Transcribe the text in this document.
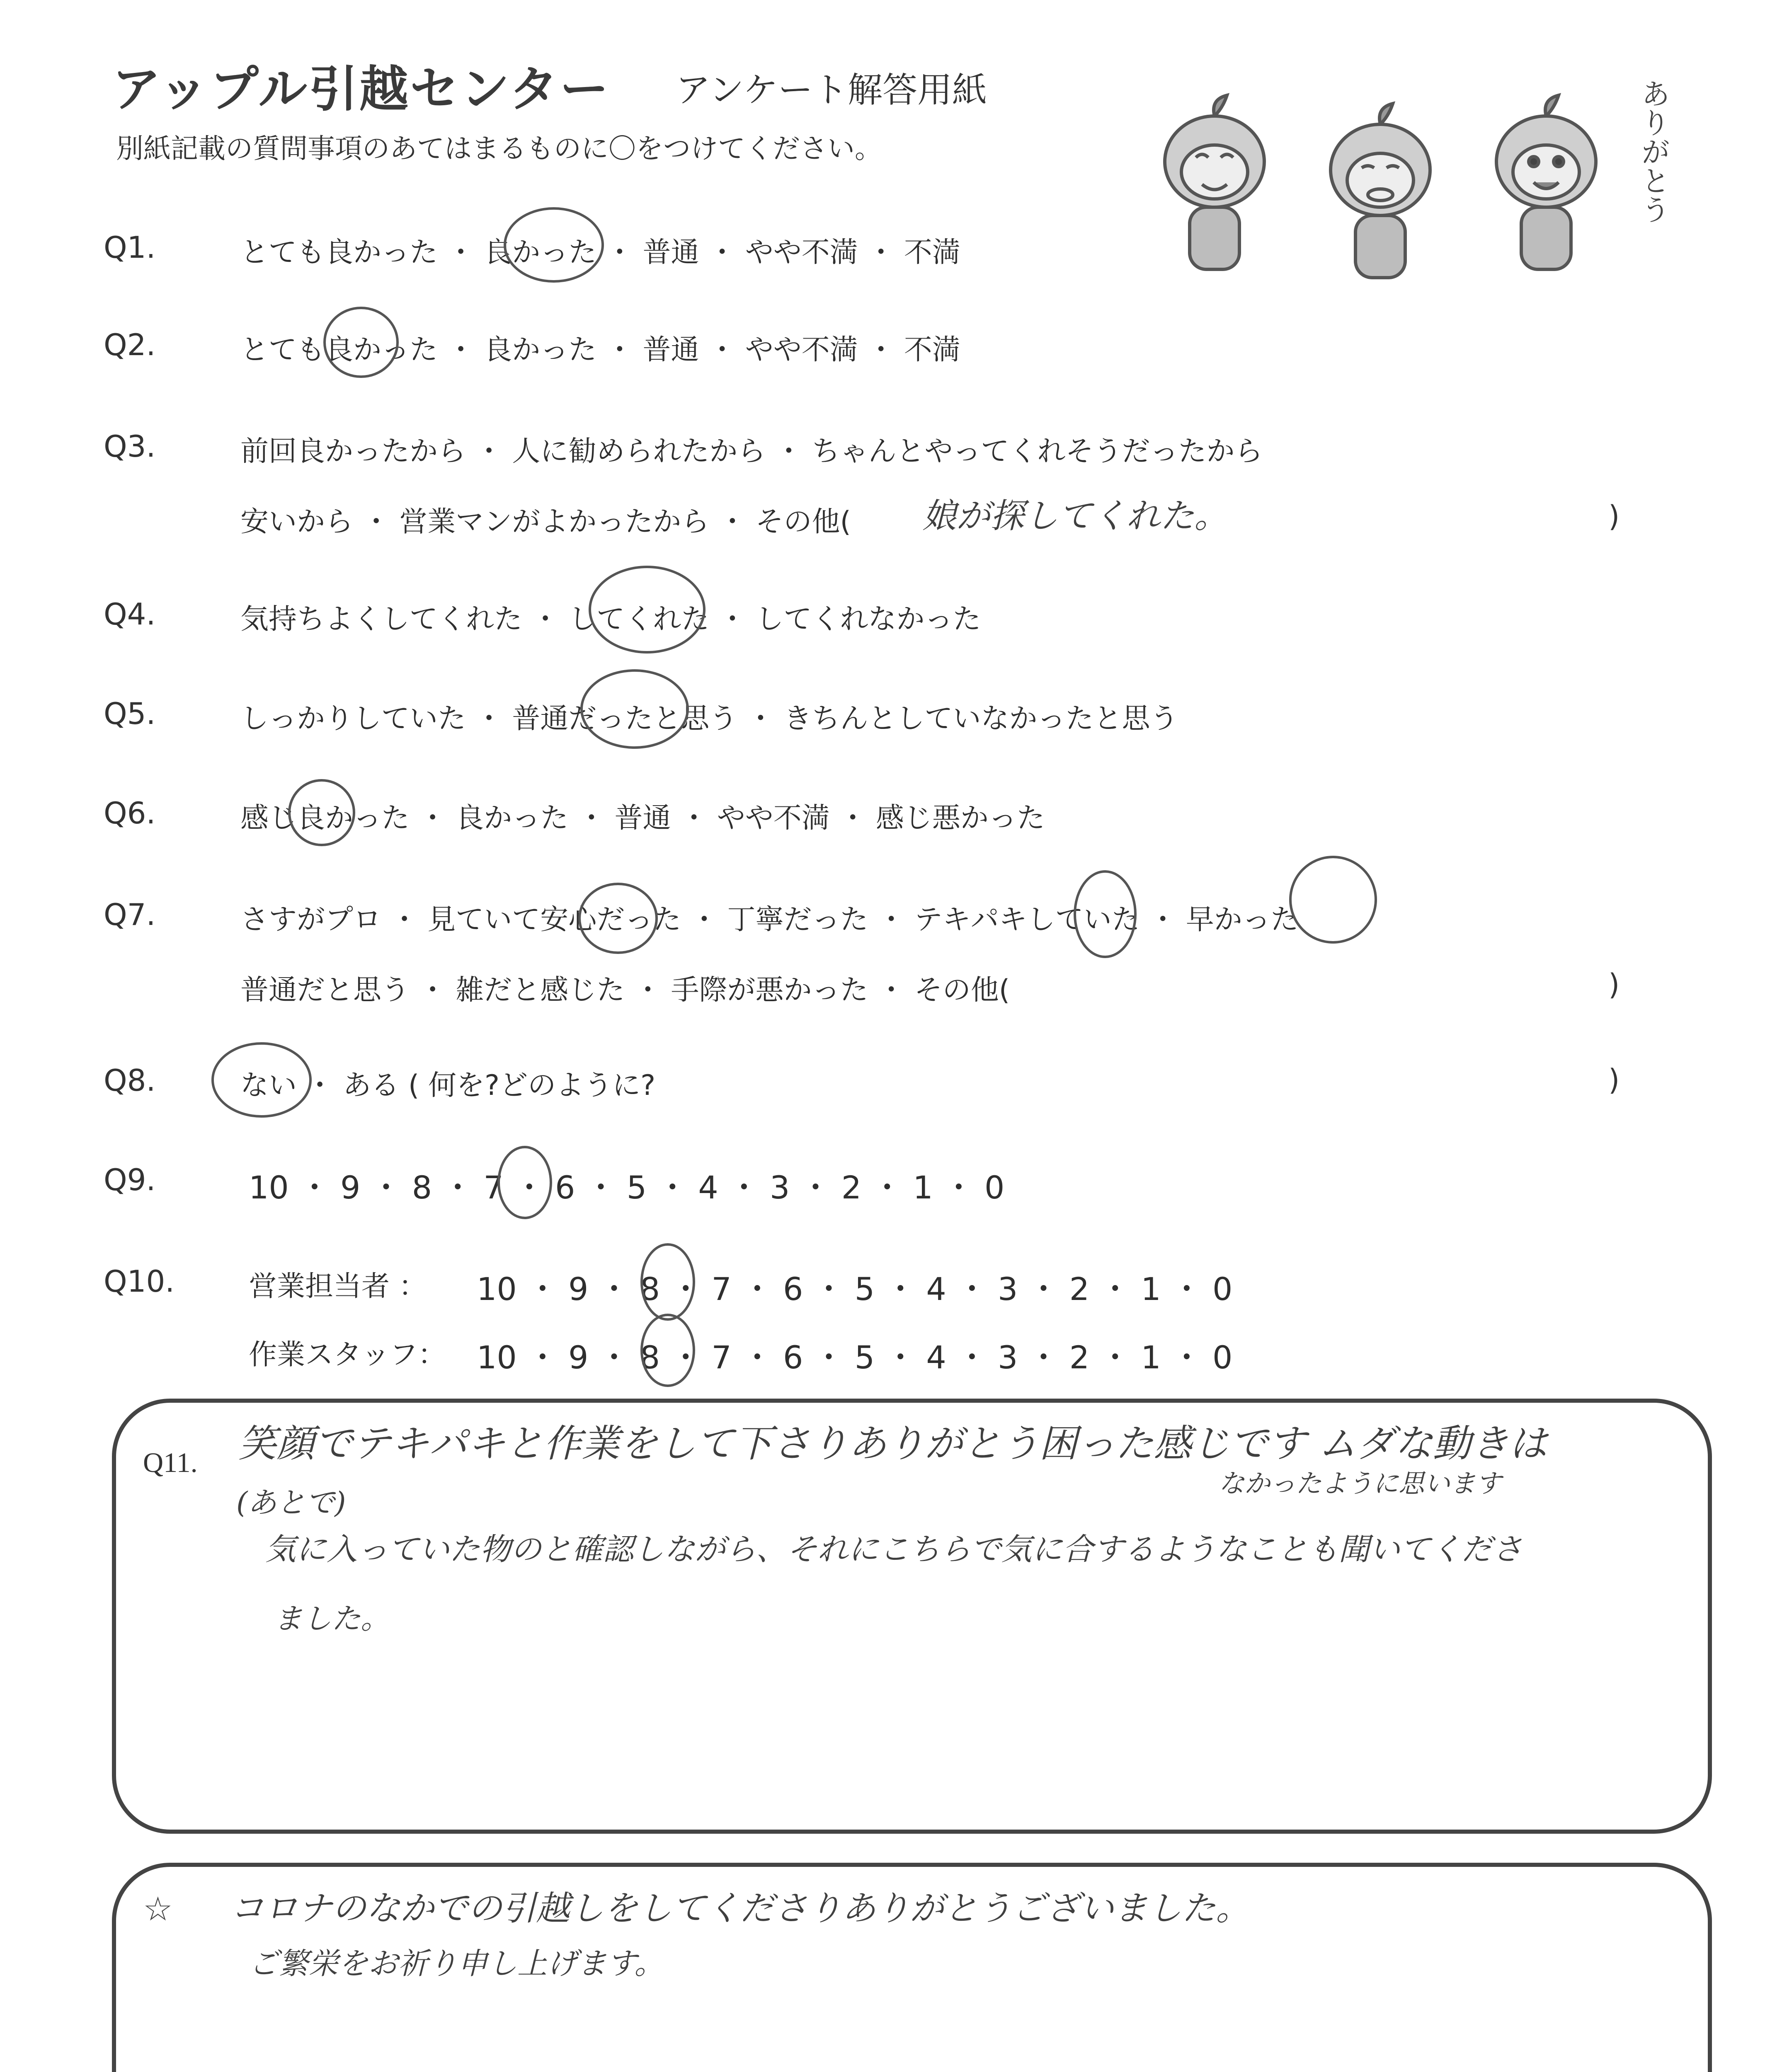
アップル引越センター アンケート解答用紙
別紙記載の質問事項のあてはまるものに〇をつけてください。	ありがとう
Q1.	とても良かった ・ 良かった ・ 普通 ・ やや不満 ・ 不満
Q2.	とても良かった ・ 良かった ・ 普通 ・ やや不満 ・ 不満
Q3.	前回良かったから ・ 人に勧められたから ・ ちゃんとやってくれそうだったから
安いから ・ 営業マンがよかったから ・ その他( 娘が探してくれた。	)
Q4.	気持ちよくしてくれた ・ してくれた ・ してくれなかった
Q5.	しっかりしていた ・ 普通だったと思う ・ きちんとしていなかったと思う
Q6.	感じ良かった ・ 良かった ・ 普通 ・ やや不満 ・ 感じ悪かった
Q7.	さすがプロ ・ 見ていて安心だった ・ 丁寧だった ・ テキパキしていた ・ 早かった
普通だと思う ・ 雑だと感じた ・ 手際が悪かった ・ その他(	)
Q8.	ない ・ ある ( 何を?どのように?	)
Q9.	10 ・ 9 ・ 8 ・ 7 ・ 6 ・ 5 ・ 4 ・ 3 ・ 2 ・ 1 ・ 0
Q10.	営業担当者 ： 10 ・ 9 ・ 8 ・ 7 ・ 6 ・ 5 ・ 4 ・ 3 ・ 2 ・ 1 ・ 0
作業スタッフ： 10 ・ 9 ・ 8 ・ 7 ・ 6 ・ 5 ・ 4 ・ 3 ・ 2 ・ 1 ・ 0
Q11. 笑顔でテキパキと作業をして下さりありがとう困った感じです ムダな動きは
なかったように思います
(あとで)
気に入っていた物のと確認しながら、それにこちらで気に合するようなことも聞いてくださ
ました。
☆ コロナのなかでの引越しをしてくださりありがとうございました。
ご繁栄をお祈り申し上げます。
